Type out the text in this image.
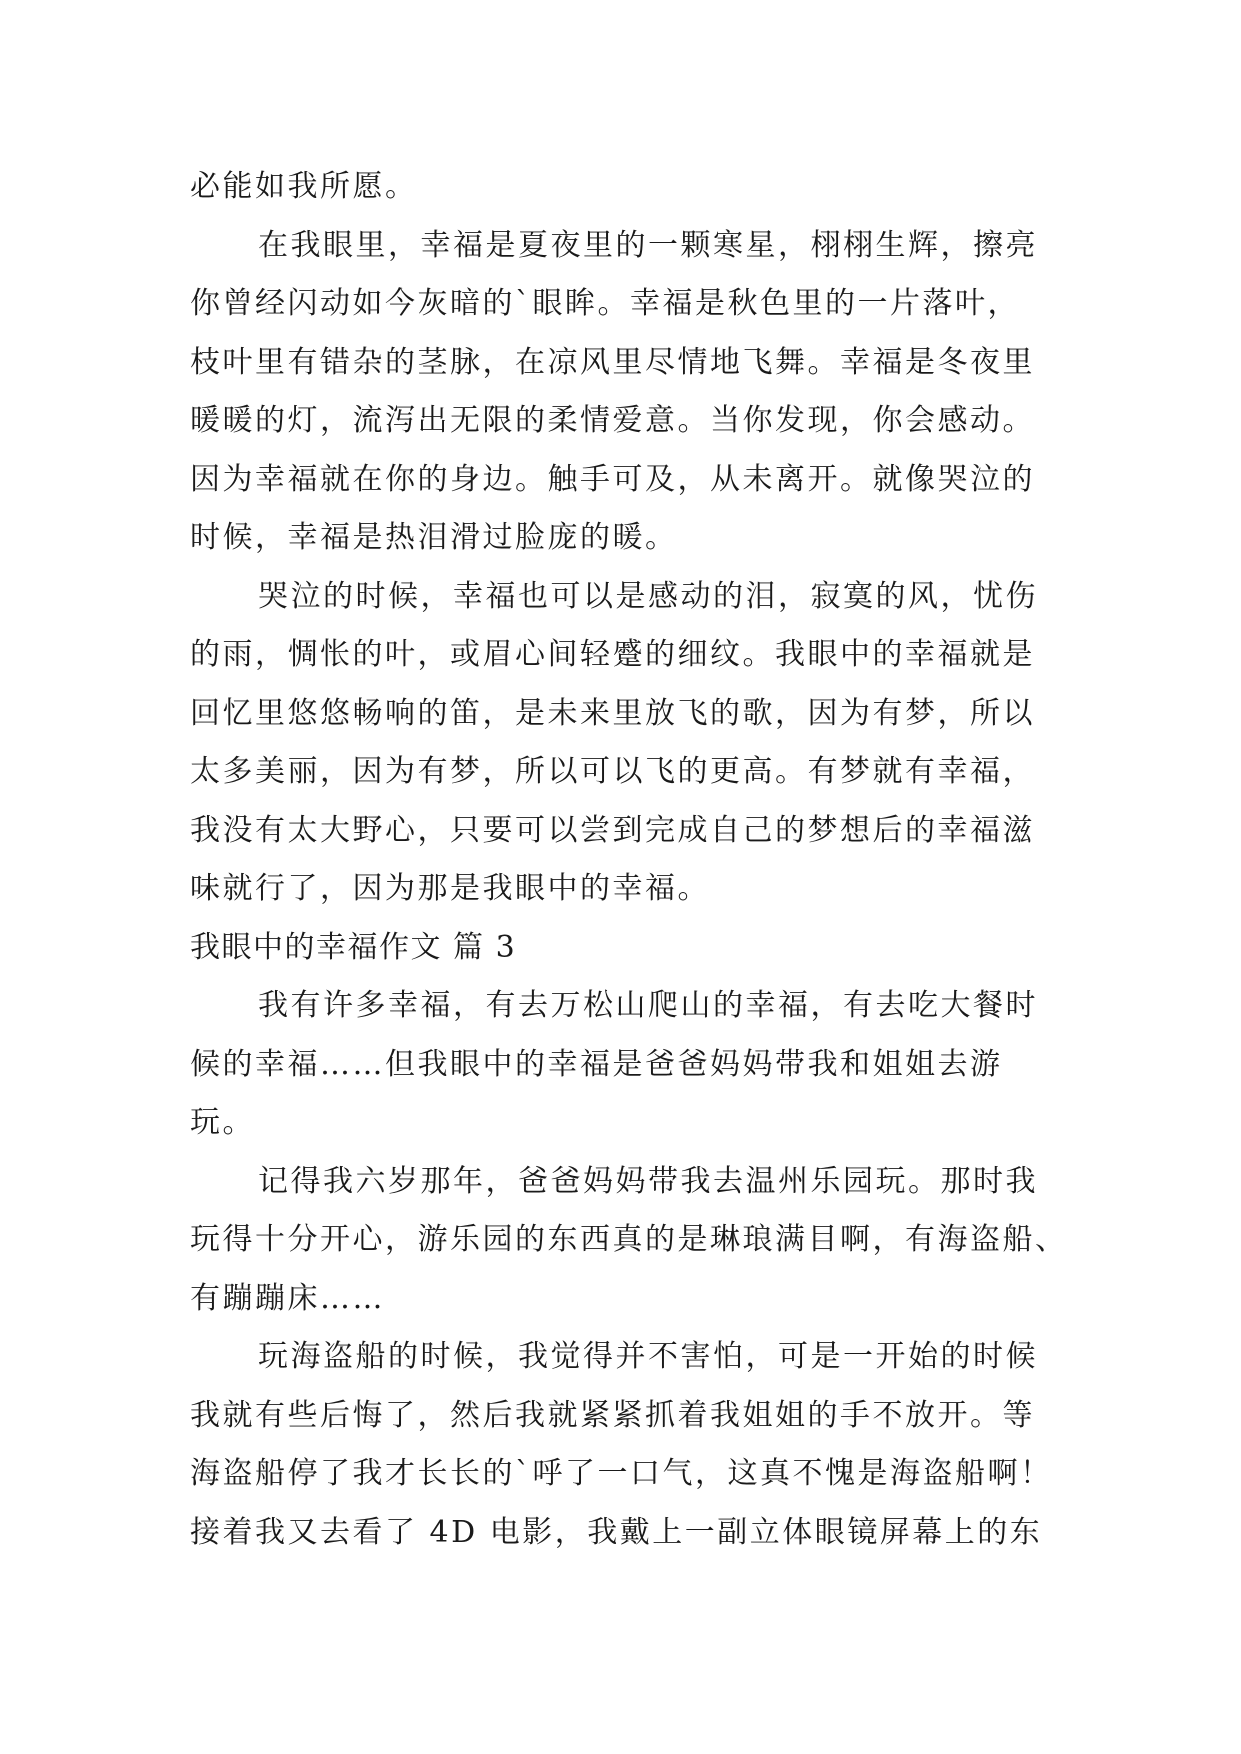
必能如我所愿。
在我眼里，幸福是夏夜里的一颗寒星，栩栩生辉，擦亮
你曾经闪动如今灰暗的`眼眸。幸福是秋色里的一片落叶，
枝叶里有错杂的茎脉，在凉风里尽情地飞舞。幸福是冬夜里
暖暖的灯，流泻出无限的柔情爱意。当你发现，你会感动。
因为幸福就在你的身边。触手可及，从未离开。就像哭泣的
时候，幸福是热泪滑过脸庞的暖。
哭泣的时候，幸福也可以是感动的泪，寂寞的风，忧伤
的雨，惆怅的叶，或眉心间轻蹙的细纹。我眼中的幸福就是
回忆里悠悠畅响的笛，是未来里放飞的歌，因为有梦，所以
太多美丽，因为有梦，所以可以飞的更高。有梦就有幸福，
我没有太大野心，只要可以尝到完成自己的梦想后的幸福滋
味就行了，因为那是我眼中的幸福。
我眼中的幸福作文 篇 3
我有许多幸福，有去万松山爬山的幸福，有去吃大餐时
候的幸福……但我眼中的幸福是爸爸妈妈带我和姐姐去游
玩。
记得我六岁那年，爸爸妈妈带我去温州乐园玩。那时我
玩得十分开心，游乐园的东西真的是琳琅满目啊，有海盗船、
有蹦蹦床……
玩海盗船的时候，我觉得并不害怕，可是一开始的时候
我就有些后悔了，然后我就紧紧抓着我姐姐的手不放开。等
海盗船停了我才长长的`呼了一口气，这真不愧是海盗船啊！
接着我又去看了 4D 电影，我戴上一副立体眼镜屏幕上的东
